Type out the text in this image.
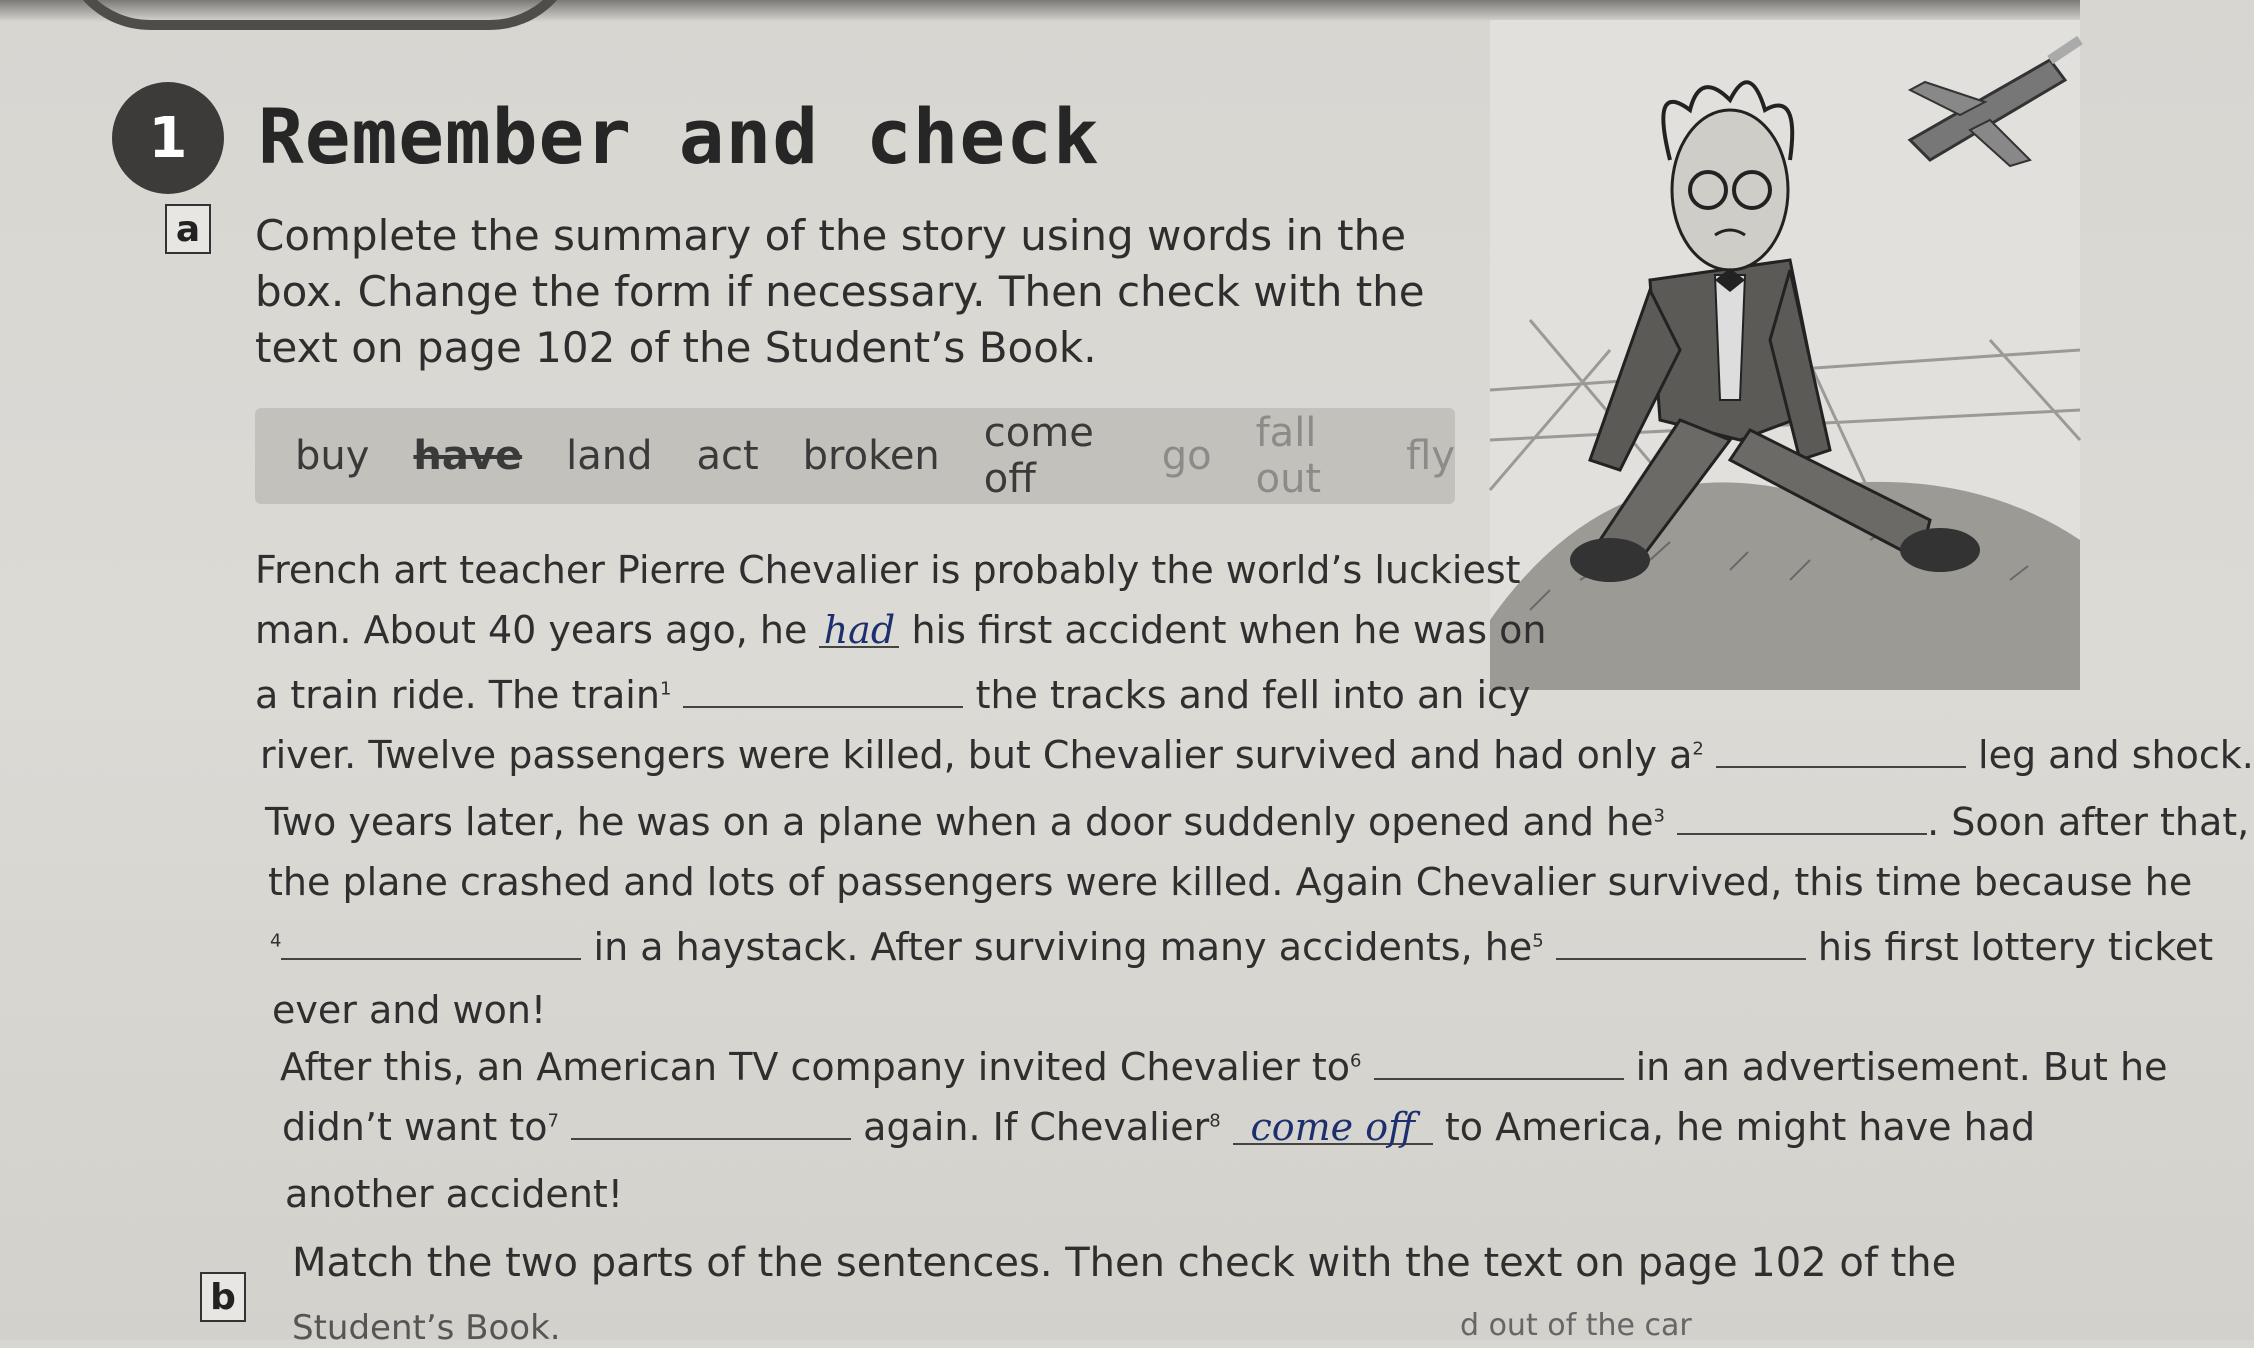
1 Remember and check
a Complete the summary of the story using words in the box. Change the form if necessary. Then check with the text on page 102 of the Student’s Book.
buy have land act broken come off	go fall out	fly
French art teacher Pierre Chevalier is probably the world’s luckiest
man. About 40 years ago, he had his first accident when he was on
a train ride. The train$^1$	the tracks and fell into an icy
river. Twelve passengers were killed, but Chevalier survived and had only $a^2$	leg and shock.
Two years later, he was on a plane when a door suddenly opened and $he^3$	. Soon after that,
the plane crashed and lots of passengers were killed. Again Chevalier survived, this time because he
$^4$	in a haystack. After surviving many accidents, $he^5$	his first lottery ticket
ever and won!
After this, an American TV company invited Chevalier $to^6$	in an advertisement. But he
didn’t want $to^7$	again. If Chevalier$^8$ come off to America, he might have had
another accident!
b
Match the two parts of the sentences. Then check with the text on page 102 of the
Student’s Book.	d out of the car
